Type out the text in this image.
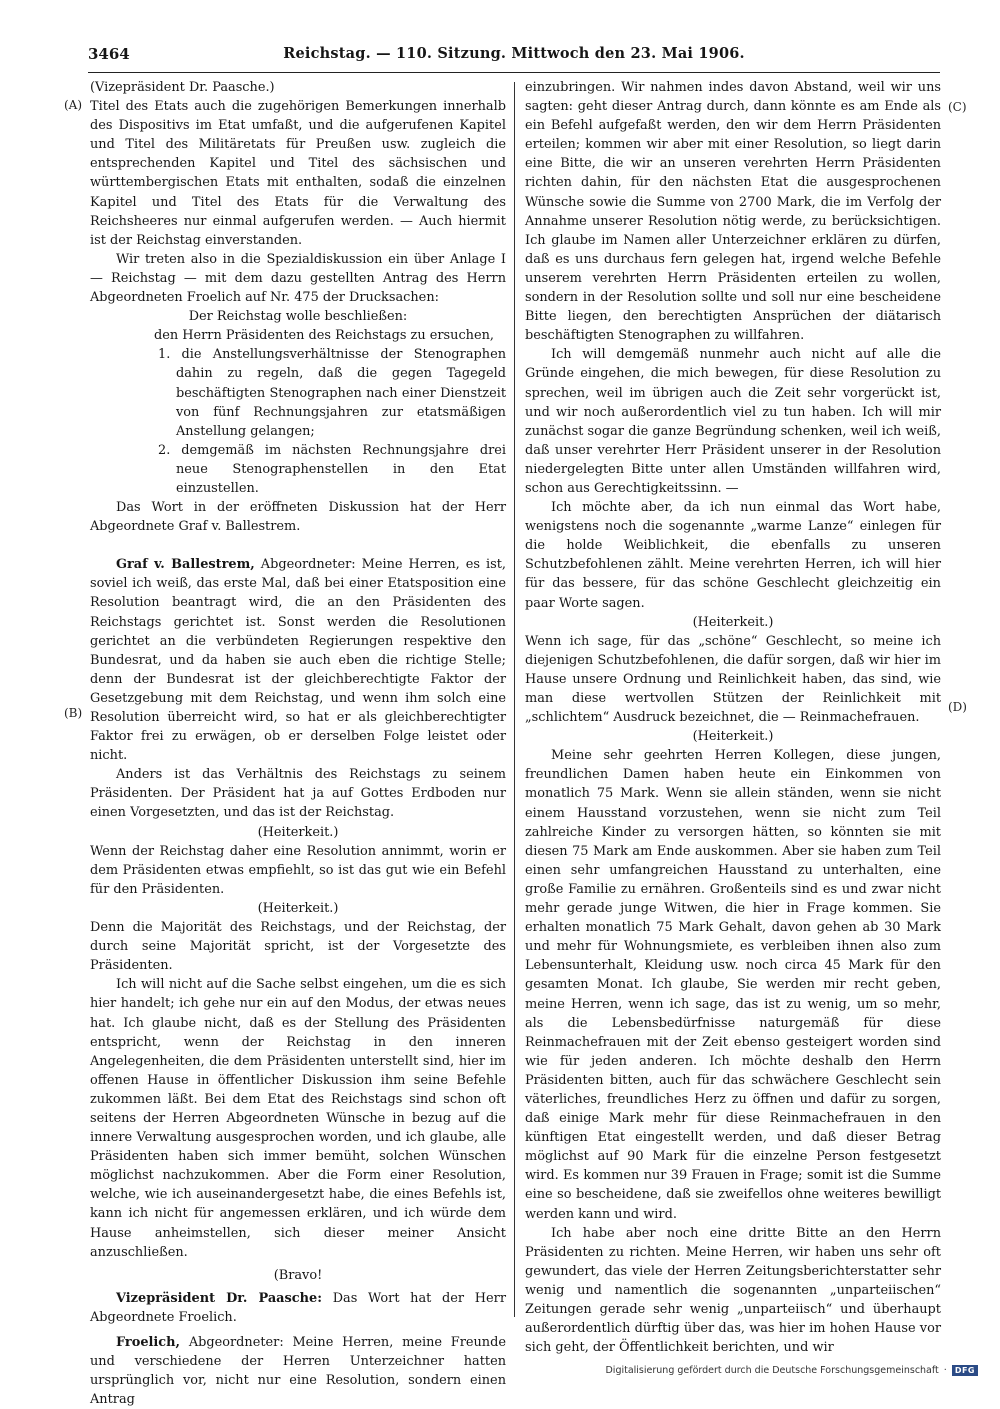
3464	Reichstag. — 110. Sitzung. Mittwoch den 23. Mai 1906.
(A)
(B)
(C)
(D)

(Vizepräsident Dr. Paasche.)

Titel des Etats auch die zugehörigen Bemerkungen innerhalb des Dispositivs im Etat umfaßt, und die aufgerufenen Kapitel und Titel des Militäretats für Preußen usw. zugleich die entsprechenden Kapitel und Titel des sächsischen und württembergischen Etats mit enthalten, sodaß die einzelnen Kapitel und Titel des Etats für die Verwaltung des Reichsheeres nur einmal aufgerufen werden. — Auch hiermit ist der Reichstag einverstanden.

Wir treten also in die Spezialdiskussion ein über Anlage I — Reichstag — mit dem dazu gestellten Antrag des Herrn Abgeordneten Froelich auf Nr. 475 der Drucksachen:

Der Reichstag wolle beschließen:

den Herrn Präsidenten des Reichstags zu ersuchen,

1. die Anstellungsverhältnisse der Stenographen dahin zu regeln, daß die gegen Tagegeld beschäftigten Stenographen nach einer Dienstzeit von fünf Rechnungsjahren zur etatsmäßigen Anstellung gelangen;

2. demgemäß im nächsten Rechnungsjahre drei neue Stenographenstellen in den Etat einzustellen.

Das Wort in der eröffneten Diskussion hat der Herr Abgeordnete Graf v. Ballestrem.

Graf v. Ballestrem, Abgeordneter: Meine Herren, es ist, soviel ich weiß, das erste Mal, daß bei einer Etatsposition eine Resolution beantragt wird, die an den Präsidenten des Reichstags gerichtet ist. Sonst werden die Resolutionen gerichtet an die verbündeten Regierungen respektive den Bundesrat, und da haben sie auch eben die richtige Stelle; denn der Bundesrat ist der gleichberechtigte Faktor der Gesetzgebung mit dem Reichstag, und wenn ihm solch eine Resolution überreicht wird, so hat er als gleichberechtigter Faktor frei zu erwägen, ob er derselben Folge leistet oder nicht.

Anders ist das Verhältnis des Reichstags zu seinem Präsidenten. Der Präsident hat ja auf Gottes Erdboden nur einen Vorgesetzten, und das ist der Reichstag.

(Heiterkeit.)

Wenn der Reichstag daher eine Resolution annimmt, worin er dem Präsidenten etwas empfiehlt, so ist das gut wie ein Befehl für den Präsidenten.

(Heiterkeit.)

Denn die Majorität des Reichstags, und der Reichstag, der durch seine Majorität spricht, ist der Vorgesetzte des Präsidenten.

Ich will nicht auf die Sache selbst eingehen, um die es sich hier handelt; ich gehe nur ein auf den Modus, der etwas neues hat. Ich glaube nicht, daß es der Stellung des Präsidenten entspricht, wenn der Reichstag in den inneren Angelegenheiten, die dem Präsidenten unterstellt sind, hier im offenen Hause in öffentlicher Diskussion ihm seine Befehle zukommen läßt. Bei dem Etat des Reichstags sind schon oft seitens der Herren Abgeordneten Wünsche in bezug auf die innere Verwaltung ausgesprochen worden, und ich glaube, alle Präsidenten haben sich immer bemüht, solchen Wünschen möglichst nachzukommen. Aber die Form einer Resolution, welche, wie ich auseinandergesetzt habe, die eines Befehls ist, kann ich nicht für angemessen erklären, und ich würde dem Hause anheimstellen, sich dieser meiner Ansicht anzuschließen.

(Bravo!

Vizepräsident Dr. Paasche: Das Wort hat der Herr Abgeordnete Froelich.

Froelich, Abgeordneter: Meine Herren, meine Freunde und verschiedene der Herren Unterzeichner hatten ursprünglich vor, nicht nur eine Resolution, sondern einen Antrag

einzubringen. Wir nahmen indes davon Abstand, weil wir uns sagten: geht dieser Antrag durch, dann könnte es am Ende als ein Befehl aufgefaßt werden, den wir dem Herrn Präsidenten erteilen; kommen wir aber mit einer Resolution, so liegt darin eine Bitte, die wir an unseren verehrten Herrn Präsidenten richten dahin, für den nächsten Etat die ausgesprochenen Wünsche sowie die Summe von 2700 Mark, die im Verfolg der Annahme unserer Resolution nötig werde, zu berücksichtigen. Ich glaube im Namen aller Unterzeichner erklären zu dürfen, daß es uns durchaus fern gelegen hat, irgend welche Befehle unserem verehrten Herrn Präsidenten erteilen zu wollen, sondern in der Resolution sollte und soll nur eine bescheidene Bitte liegen, den berechtigten Ansprüchen der diätarisch beschäftigten Stenographen zu willfahren.

Ich will demgemäß nunmehr auch nicht auf alle die Gründe eingehen, die mich bewegen, für diese Resolution zu sprechen, weil im übrigen auch die Zeit sehr vorgerückt ist, und wir noch außerordentlich viel zu tun haben. Ich will mir zunächst sogar die ganze Begründung schenken, weil ich weiß, daß unser verehrter Herr Präsident unserer in der Resolution niedergelegten Bitte unter allen Umständen willfahren wird, schon aus Gerechtigkeitssinn. —

Ich möchte aber, da ich nun einmal das Wort habe, wenigstens noch die sogenannte „warme Lanze“ einlegen für die holde Weiblichkeit, die ebenfalls zu unseren Schutzbefohlenen zählt. Meine verehrten Herren, ich will hier für das bessere, für das schöne Geschlecht gleichzeitig ein paar Worte sagen.

(Heiterkeit.)

Wenn ich sage, für das „schöne“ Geschlecht, so meine ich diejenigen Schutzbefohlenen, die dafür sorgen, daß wir hier im Hause unsere Ordnung und Reinlichkeit haben, das sind, wie man diese wertvollen Stützen der Reinlichkeit mit „schlichtem“ Ausdruck bezeichnet, die — Reinmachefrauen.

(Heiterkeit.)

Meine sehr geehrten Herren Kollegen, diese jungen, freundlichen Damen haben heute ein Einkommen von monatlich 75 Mark. Wenn sie allein ständen, wenn sie nicht einem Hausstand vorzustehen, wenn sie nicht zum Teil zahlreiche Kinder zu versorgen hätten, so könnten sie mit diesen 75 Mark am Ende auskommen. Aber sie haben zum Teil einen sehr umfangreichen Hausstand zu unterhalten, eine große Familie zu ernähren. Großenteils sind es und zwar nicht mehr gerade junge Witwen, die hier in Frage kommen. Sie erhalten monatlich 75 Mark Gehalt, davon gehen ab 30 Mark und mehr für Wohnungsmiete, es verbleiben ihnen also zum Lebensunterhalt, Kleidung usw. noch circa 45 Mark für den gesamten Monat. Ich glaube, Sie werden mir recht geben, meine Herren, wenn ich sage, das ist zu wenig, um so mehr, als die Lebensbedürfnisse naturgemäß für diese Reinmachefrauen mit der Zeit ebenso gesteigert worden sind wie für jeden anderen. Ich möchte deshalb den Herrn Präsidenten bitten, auch für das schwächere Geschlecht sein väterliches, freundliches Herz zu öffnen und dafür zu sorgen, daß einige Mark mehr für diese Reinmachefrauen in den künftigen Etat eingestellt werden, und daß dieser Betrag möglichst auf 90 Mark für die einzelne Person festgesetzt wird. Es kommen nur 39 Frauen in Frage; somit ist die Summe eine so bescheidene, daß sie zweifellos ohne weiteres bewilligt werden kann und wird.

Ich habe aber noch eine dritte Bitte an den Herrn Präsidenten zu richten. Meine Herren, wir haben uns sehr oft gewundert, das viele der Herren Zeitungsberichterstatter sehr wenig und namentlich die sogenannten „unparteiischen“ Zeitungen gerade sehr wenig „unparteiisch“ und überhaupt außerordentlich dürftig über das, was hier im hohen Hause vor sich geht, der Öffentlichkeit berichten, und wir

Digitalisierung gefördert durch die Deutsche Forschungsgemeinschaft ·	DFG
